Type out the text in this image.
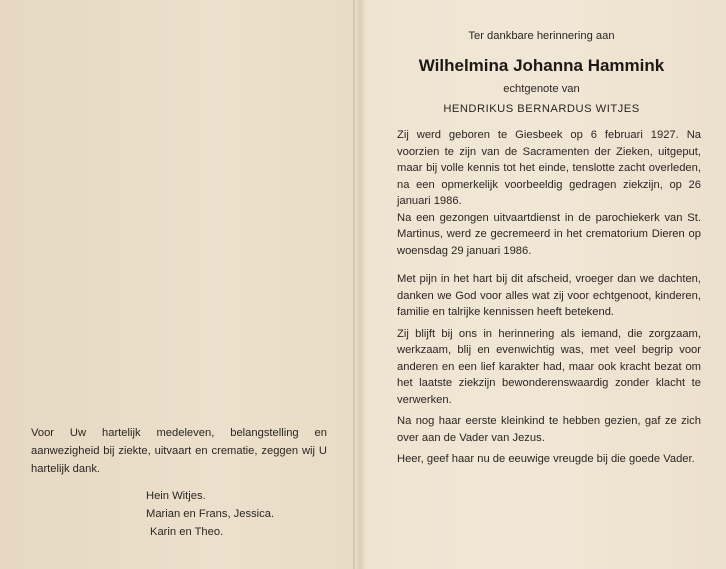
Voor Uw hartelijk medeleven, belangstelling en aanwezigheid bij ziekte, uitvaart en crematie, zeggen wij U hartelijk dank.
Hein Witjes.
Marian en Frans, Jessica.
Karin en Theo.
Ter dankbare herinnering aan
Wilhelmina Johanna Hammink
echtgenote van
HENDRIKUS BERNARDUS WITJES

Zij werd geboren te Giesbeek op 6 februari 1927. Na voorzien te zijn van de Sacramenten der Zieken, uitgeput, maar bij volle kennis tot het einde, tenslotte zacht overleden, na een opmerkelijk voorbeeldig gedragen ziekzijn, op 26 januari 1986.

Na een gezongen uitvaartdienst in de parochiekerk van St. Martinus, werd ze gecremeerd in het crematorium Dieren op woensdag 29 januari 1986.

Met pijn in het hart bij dit afscheid, vroeger dan we dachten, danken we God voor alles wat zij voor echtgenoot, kinderen, familie en talrijke kennissen heeft betekend.

Zij blijft bij ons in herinnering als iemand, die zorgzaam, werkzaam, blij en evenwichtig was, met veel begrip voor anderen en een lief karakter had, maar ook kracht bezat om het laatste ziekzijn bewonderenswaardig zonder klacht te verwerken.

Na nog haar eerste kleinkind te hebben gezien, gaf ze zich over aan de Vader van Jezus.

Heer, geef haar nu de eeuwige vreugde bij die goede Vader.
